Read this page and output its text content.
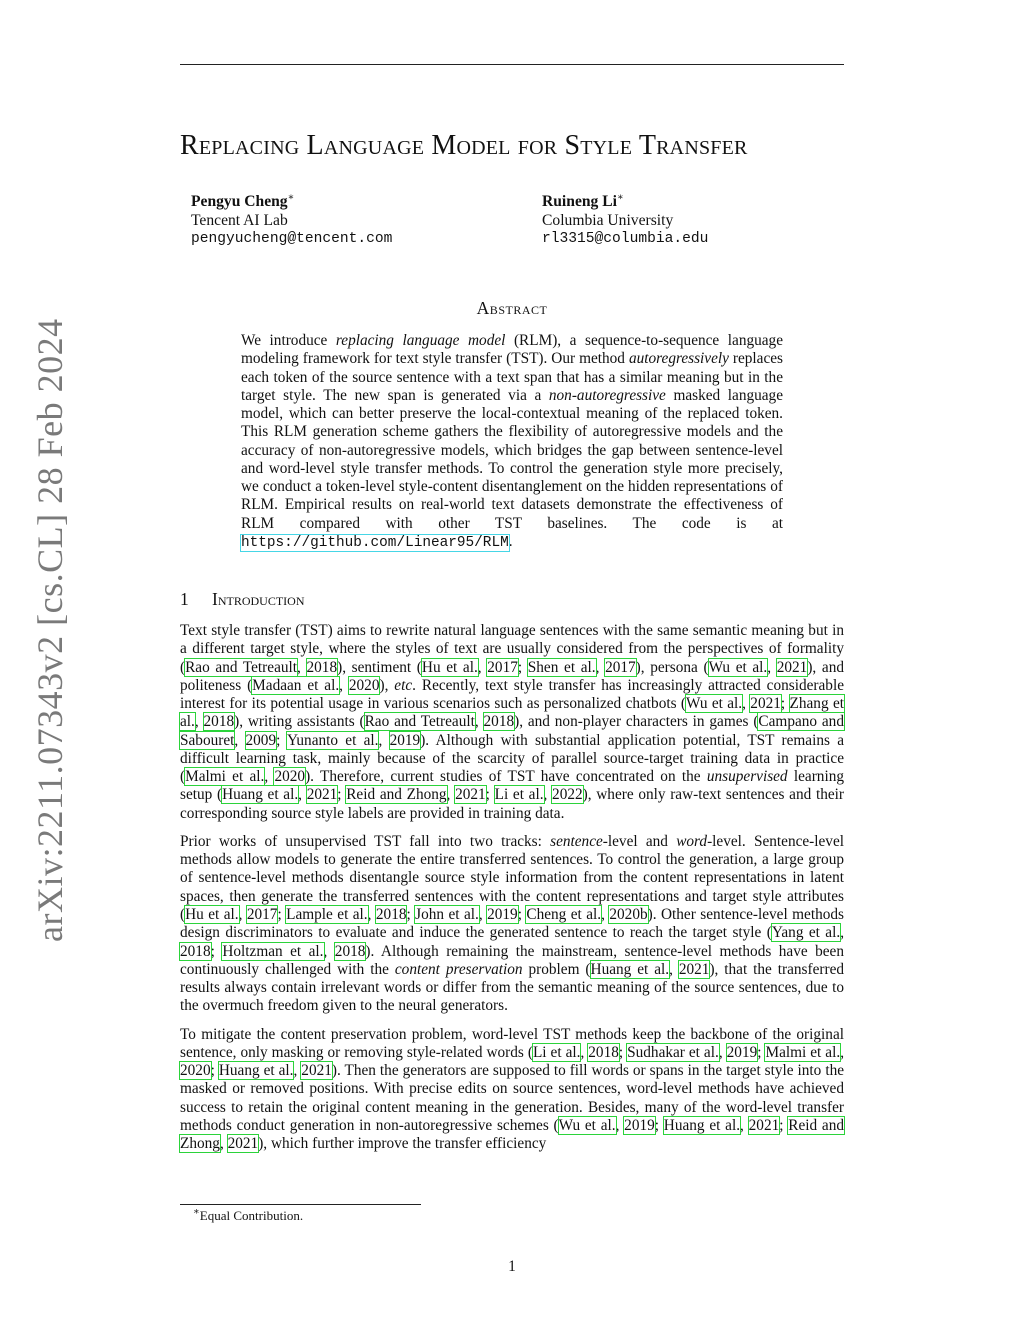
Replacing Language Model for Style Transfer
Pengyu Cheng∗
Tencent AI Lab
pengyucheng@tencent.com
Ruineng Li∗
Columbia University
rl3315@columbia.edu
Abstract
We introduce replacing language model (RLM), a sequence-to-sequence language modeling framework for text style transfer (TST). Our method autoregressively replaces each token of the source sentence with a text span that has a similar meaning but in the target style. The new span is generated via a non-autoregressive masked language model, which can better preserve the local-contextual meaning of the replaced token. This RLM generation scheme gathers the flexibility of autoregressive models and the accuracy of non-autoregressive models, which bridges the gap between sentence-level and word-level style transfer methods. To control the generation style more precisely, we conduct a token-level style-content disentanglement on the hidden representations of RLM. Empirical results on real-world text datasets demonstrate the effectiveness of RLM compared with other TST baselines. The code is at https://github.com/Linear95/RLM.
1 Introduction

Text style transfer (TST) aims to rewrite natural language sentences with the same semantic meaning but in a different target style, where the styles of text are usually considered from the perspectives of formality (Rao and Tetreault, 2018), sentiment (Hu et al., 2017; Shen et al., 2017), persona (Wu et al., 2021), and politeness (Madaan et al., 2020), etc. Recently, text style transfer has increasingly attracted considerable interest for its potential usage in various scenarios such as personalized chatbots (Wu et al., 2021; Zhang et al., 2018), writing assistants (Rao and Tetreault, 2018), and non-player characters in games (Campano and Sabouret, 2009; Yunanto et al., 2019). Although with substantial application potential, TST remains a difficult learning task, mainly because of the scarcity of parallel source-target training data in practice (Malmi et al., 2020). Therefore, current studies of TST have concentrated on the unsupervised learning setup (Huang et al., 2021; Reid and Zhong, 2021; Li et al., 2022), where only raw-text sentences and their corresponding source style labels are provided in training data.

Prior works of unsupervised TST fall into two tracks: sentence-level and word-level. Sentence-level methods allow models to generate the entire transferred sentences. To control the generation, a large group of sentence-level methods disentangle source style information from the content representations in latent spaces, then generate the transferred sentences with the content representations and target style attributes (Hu et al., 2017; Lample et al., 2018; John et al., 2019; Cheng et al., 2020b). Other sentence-level methods design discriminators to evaluate and induce the generated sentence to reach the target style (Yang et al., 2018; Holtzman et al., 2018). Although remaining the mainstream, sentence-level methods have been continuously challenged with the content preservation problem (Huang et al., 2021), that the transferred results always contain irrelevant words or differ from the semantic meaning of the source sentences, due to the overmuch freedom given to the neural generators.

To mitigate the content preservation problem, word-level TST methods keep the backbone of the original sentence, only masking or removing style-related words (Li et al., 2018; Sudhakar et al., 2019; Malmi et al., 2020; Huang et al., 2021). Then the generators are supposed to fill words or spans in the target style into the masked or removed positions. With precise edits on source sentences, word-level methods have achieved success to retain the original content meaning in the generation. Besides, many of the word-level transfer methods conduct generation in non-autoregressive schemes (Wu et al., 2019; Huang et al., 2021; Reid and Zhong, 2021), which further improve the transfer efficiency

∗Equal Contribution.
1
arXiv:2211.07343v2 [cs.CL] 28 Feb 2024
